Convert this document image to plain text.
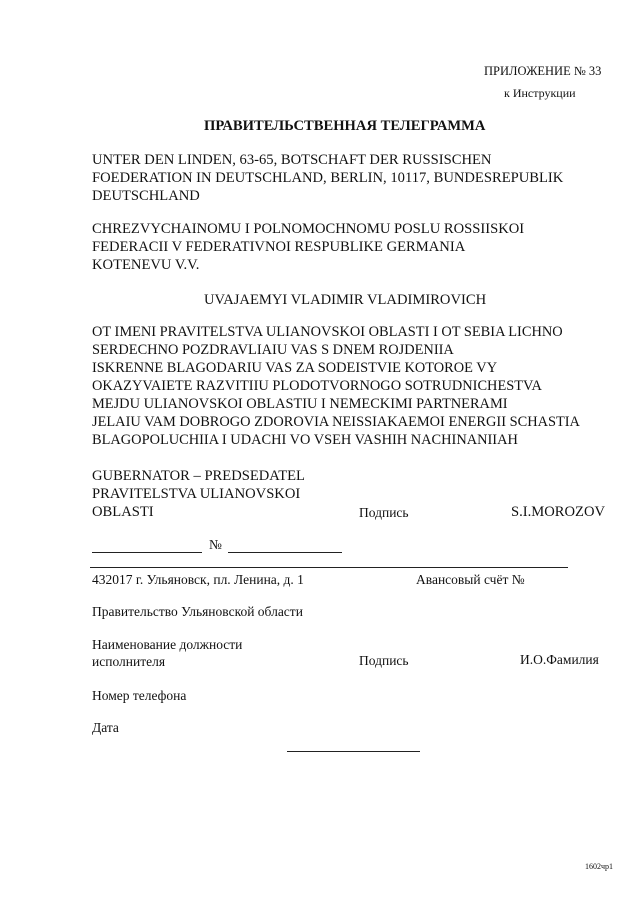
ПРИЛОЖЕНИЕ № 33
к Инструкции
ПРАВИТЕЛЬСТВЕННАЯ ТЕЛЕГРАММА
UNTER DEN LINDEN, 63-65, BOTSCHAFT DER RUSSISCHEN
FOEDERATION IN DEUTSCHLAND, BERLIN, 10117, BUNDESREPUBLIK
DEUTSCHLAND
CHREZVYCHAINOMU I POLNOMOCHNOMU POSLU ROSSIISKOI
FEDERACII V FEDERATIVNOI RESPUBLIKE GERMANIA
KOTENEVU V.V.
UVAJAEMYI VLADIMIR VLADIMIROVICH
OT IMENI PRAVITELSTVA ULIANOVSKOI OBLASTI I OT SEBIA LICHNO
SERDECHNO POZDRAVLIAIU VAS S DNEM ROJDENIIA
ISKRENNE BLAGODARIU VAS ZA SODEISTVIE KOTOROE VY
OKAZYVAIETE RAZVITIIU PLODOTVORNOGO SOTRUDNICHESTVA
MEJDU ULIANOVSKOI OBLASTIU I NEMECKIMI PARTNERAMI
JELAIU VAM DOBROGO ZDOROVIA NEISSIAKAEMOI ENERGII SCHASTIA
BLAGOPOLUCHIIA I UDACHI VO VSEH VASHIH NACHINANIIAH
GUBERNATOR – PREDSEDATEL
PRAVITELSTVA ULIANOVSKOI
OBLASTI	Подпись	S.I.MOROZOV
№
432017 г. Ульяновск, пл. Ленина, д. 1	Авансовый счёт №
Правительство Ульяновской области
Наименование должности
исполнителя	Подпись	И.О.Фамилия
Номер телефона
Дата
1602чр1
